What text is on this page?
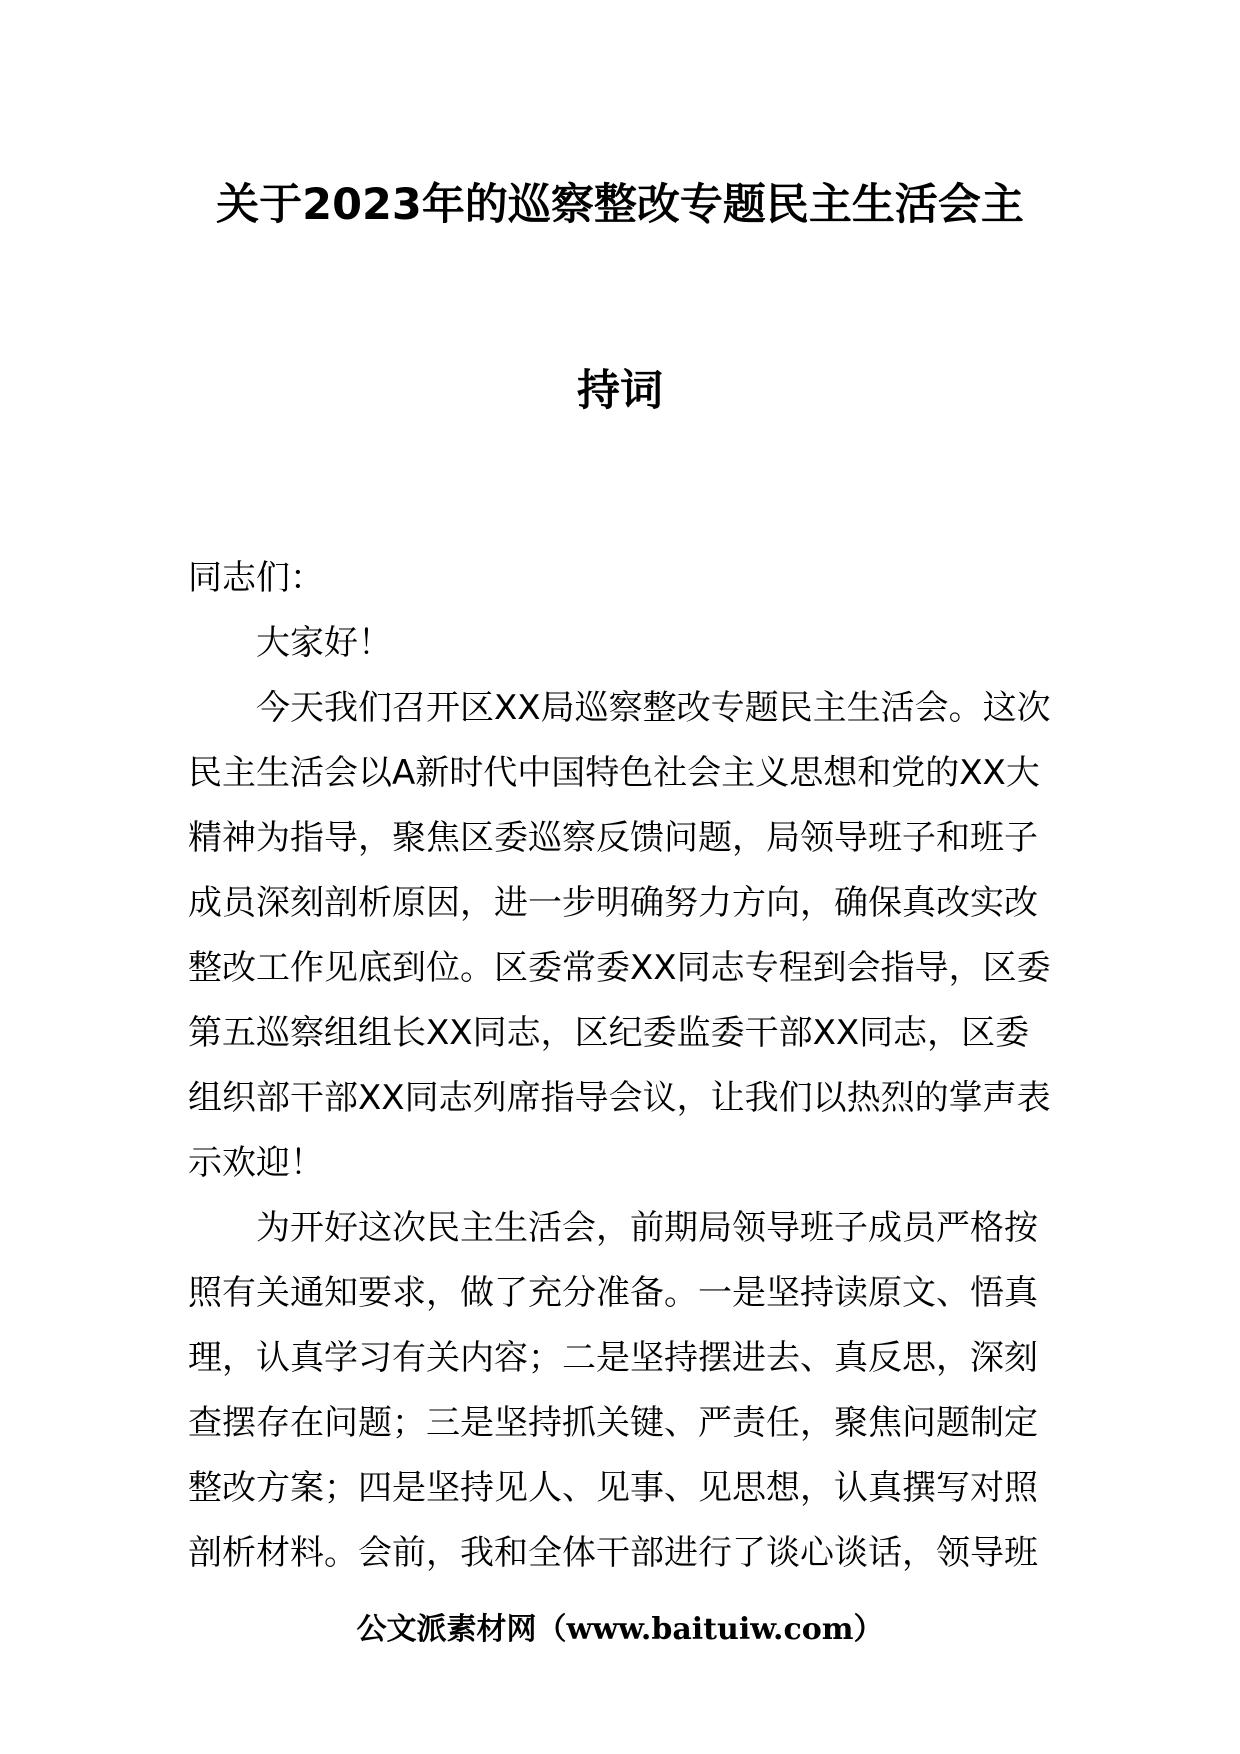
关于2023年的巡察整改专题民主生活会主
持词

同志们：

大家好！

今天我们召开区XX局巡察整改专题民主生活会。这次民主生活会以A新时代中国特色社会主义思想和党的XX大精神为指导，聚焦区委巡察反馈问题，局领导班子和班子成员深刻剖析原因，进一步明确努力方向，确保真改实改整改工作见底到位。区委常委XX同志专程到会指导，区委第五巡察组组长XX同志，区纪委监委干部XX同志，区委组织部干部XX同志列席指导会议，让我们以热烈的掌声表示欢迎！

为开好这次民主生活会，前期局领导班子成员严格按照有关通知要求，做了充分准备。一是坚持读原文、悟真理，认真学习有关内容；二是坚持摆进去、真反思，深刻查摆存在问题；三是坚持抓关键、严责任，聚焦问题制定整改方案；四是坚持见人、见事、见思想，认真撰写对照剖析材料。会前，我和全体干部进行了谈心谈话，领导班

公文派素材网（www.baituiw.com）
